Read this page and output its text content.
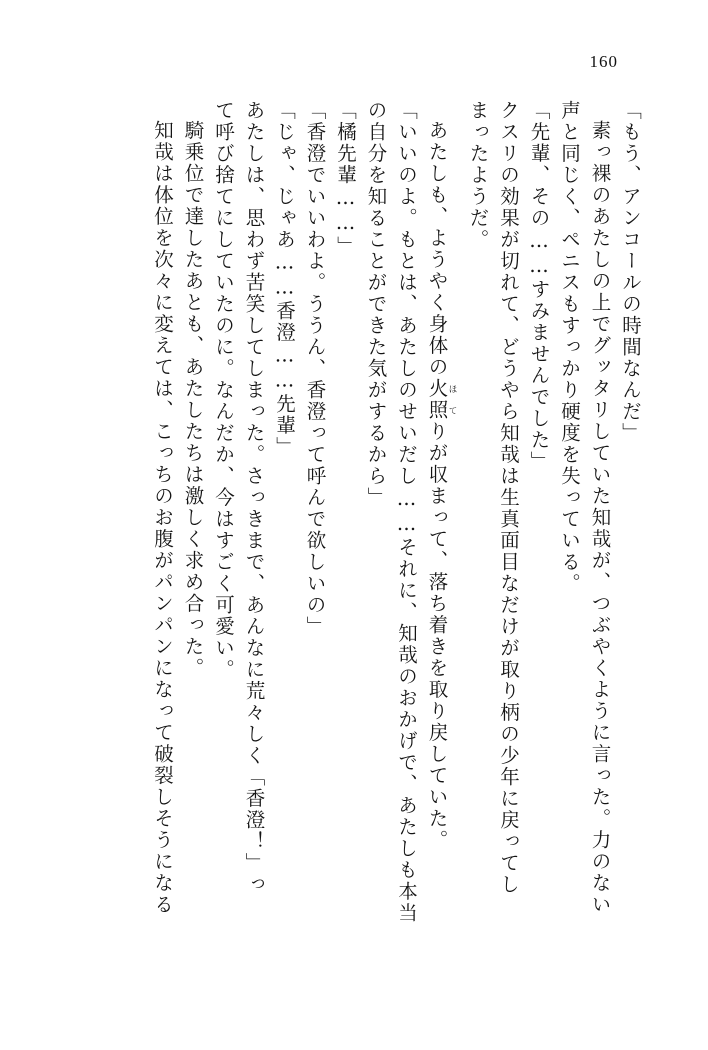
160
「もう、アンコールの時間なんだ」
素っ裸のあたしの上でグッタリしていた知哉が、つぶやくように言った。力のない
声と同じく、ペニスもすっかり硬度を失っている。
「先輩、その……すみませんでした」
クスリの効果が切れて、どうやら知哉は生真面目なだけが取り柄の少年に戻ってし
まったようだ。
あたしも、ようやく身体の火照ほてりが収まって、落ち着きを取り戻していた。
「いいのよ。もとは、あたしのせいだし……それに、知哉のおかげで、あたしも本当
の自分を知ることができた気がするから」
「橘先輩……」
「香澄でいいわよ。ううん、香澄って呼んで欲しいの」
「じゃ、じゃあ……香澄……先輩」
あたしは、思わず苦笑してしまった。さっきまで、あんなに荒々しく「香澄！」っ
て呼び捨てにしていたのに。なんだか、今はすごく可愛い。
騎乗位で達したあとも、あたしたちは激しく求め合った。
知哉は体位を次々に変えては、こっちのお腹がパンパンになって破裂しそうになる
